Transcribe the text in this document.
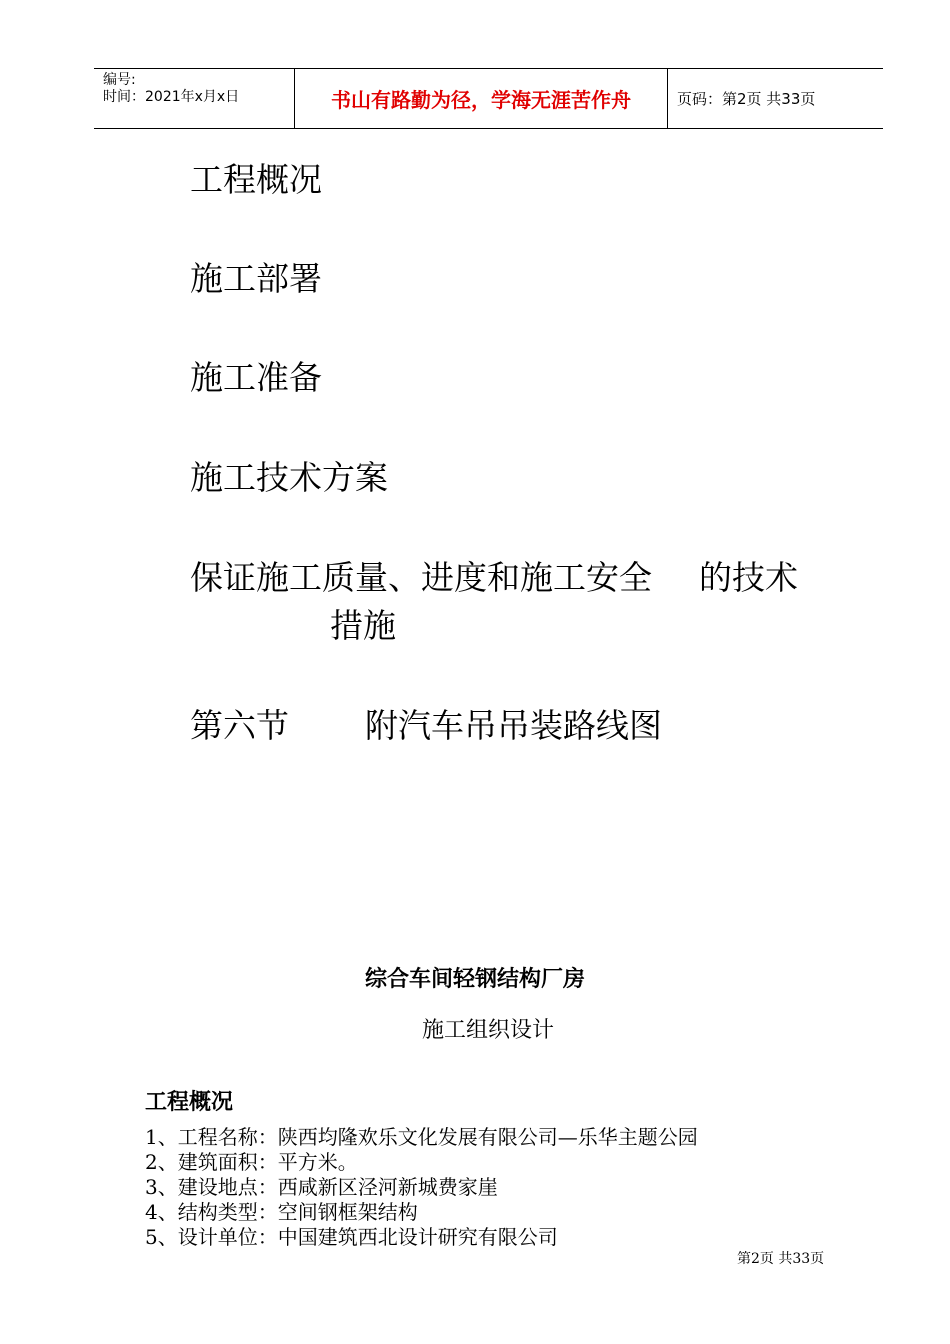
编号:
时间：2021年x月x日	书山有路勤为径，学海无涯苦作舟	页码：第2页 共33页
工程概况
施工部署
施工准备
施工技术方案
保证施工质量、进度和施工安全 的技术
措施
第六节 附汽车吊吊装路线图
综合车间轻钢结构厂房
施工组织设计
工程概况
1、工程名称：陕西均隆欢乐文化发展有限公司—乐华主题公园
2、建筑面积：平方米。
3、建设地点：西咸新区泾河新城费家崖
4、结构类型：空间钢框架结构
5、设计单位：中国建筑西北设计研究有限公司
第2页 共33页
